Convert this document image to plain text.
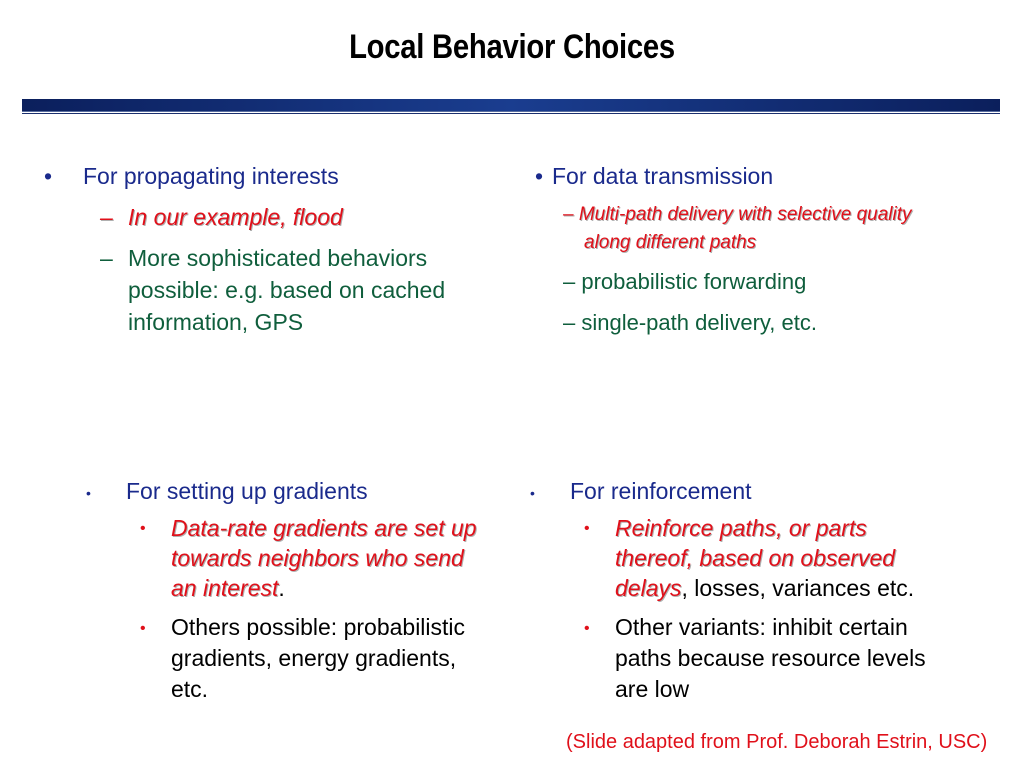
Local Behavior Choices
• For propagating interests
– In our example, flood
– More sophisticated behaviors
possible: e.g. based on cached
information, GPS
• For data transmission
– Multi-path delivery with selective quality
along different paths
– probabilistic forwarding
– single-path delivery, etc.
• For setting up gradients
• Data-rate gradients are set up
towards neighbors who send
an interest.
• Others possible: probabilistic
gradients, energy gradients,
etc.
• For reinforcement
• Reinforce paths, or parts
thereof, based on observed
delays, losses, variances etc.
• Other variants: inhibit certain
paths because resource levels
are low
(Slide adapted from Prof. Deborah Estrin, USC)
